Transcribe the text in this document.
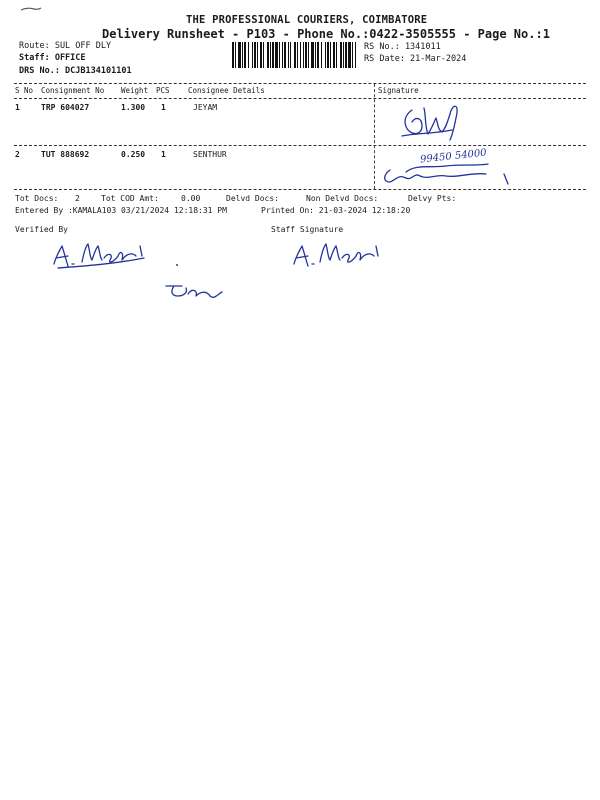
THE PROFESSIONAL COURIERS, COIMBATORE
Delivery Runsheet - P103 - Phone No.:0422-3505555 - Page No.:1
Route: SUL OFF DLY
Staff: OFFICE
DRS No.: DCJB134101101
RS No.: 1341011
RS Date: 21-Mar-2024
S No Consignment No Weight PCS Consignee Details	Signature
1	TRP 604027	1.300 1	JEYAM
2	TUT 888692	0.250 1	SENTHUR	99450 54000
Tot Docs: 2	Tot COD Amt:	0.00	Delvd Docs:	Non Delvd Docs:	Delvy Pts:
Entered By :KAMALA103 03/21/2024 12:18:31 PM	Printed On: 21-03-2024 12:18:20
Verified By	Staff Signature
